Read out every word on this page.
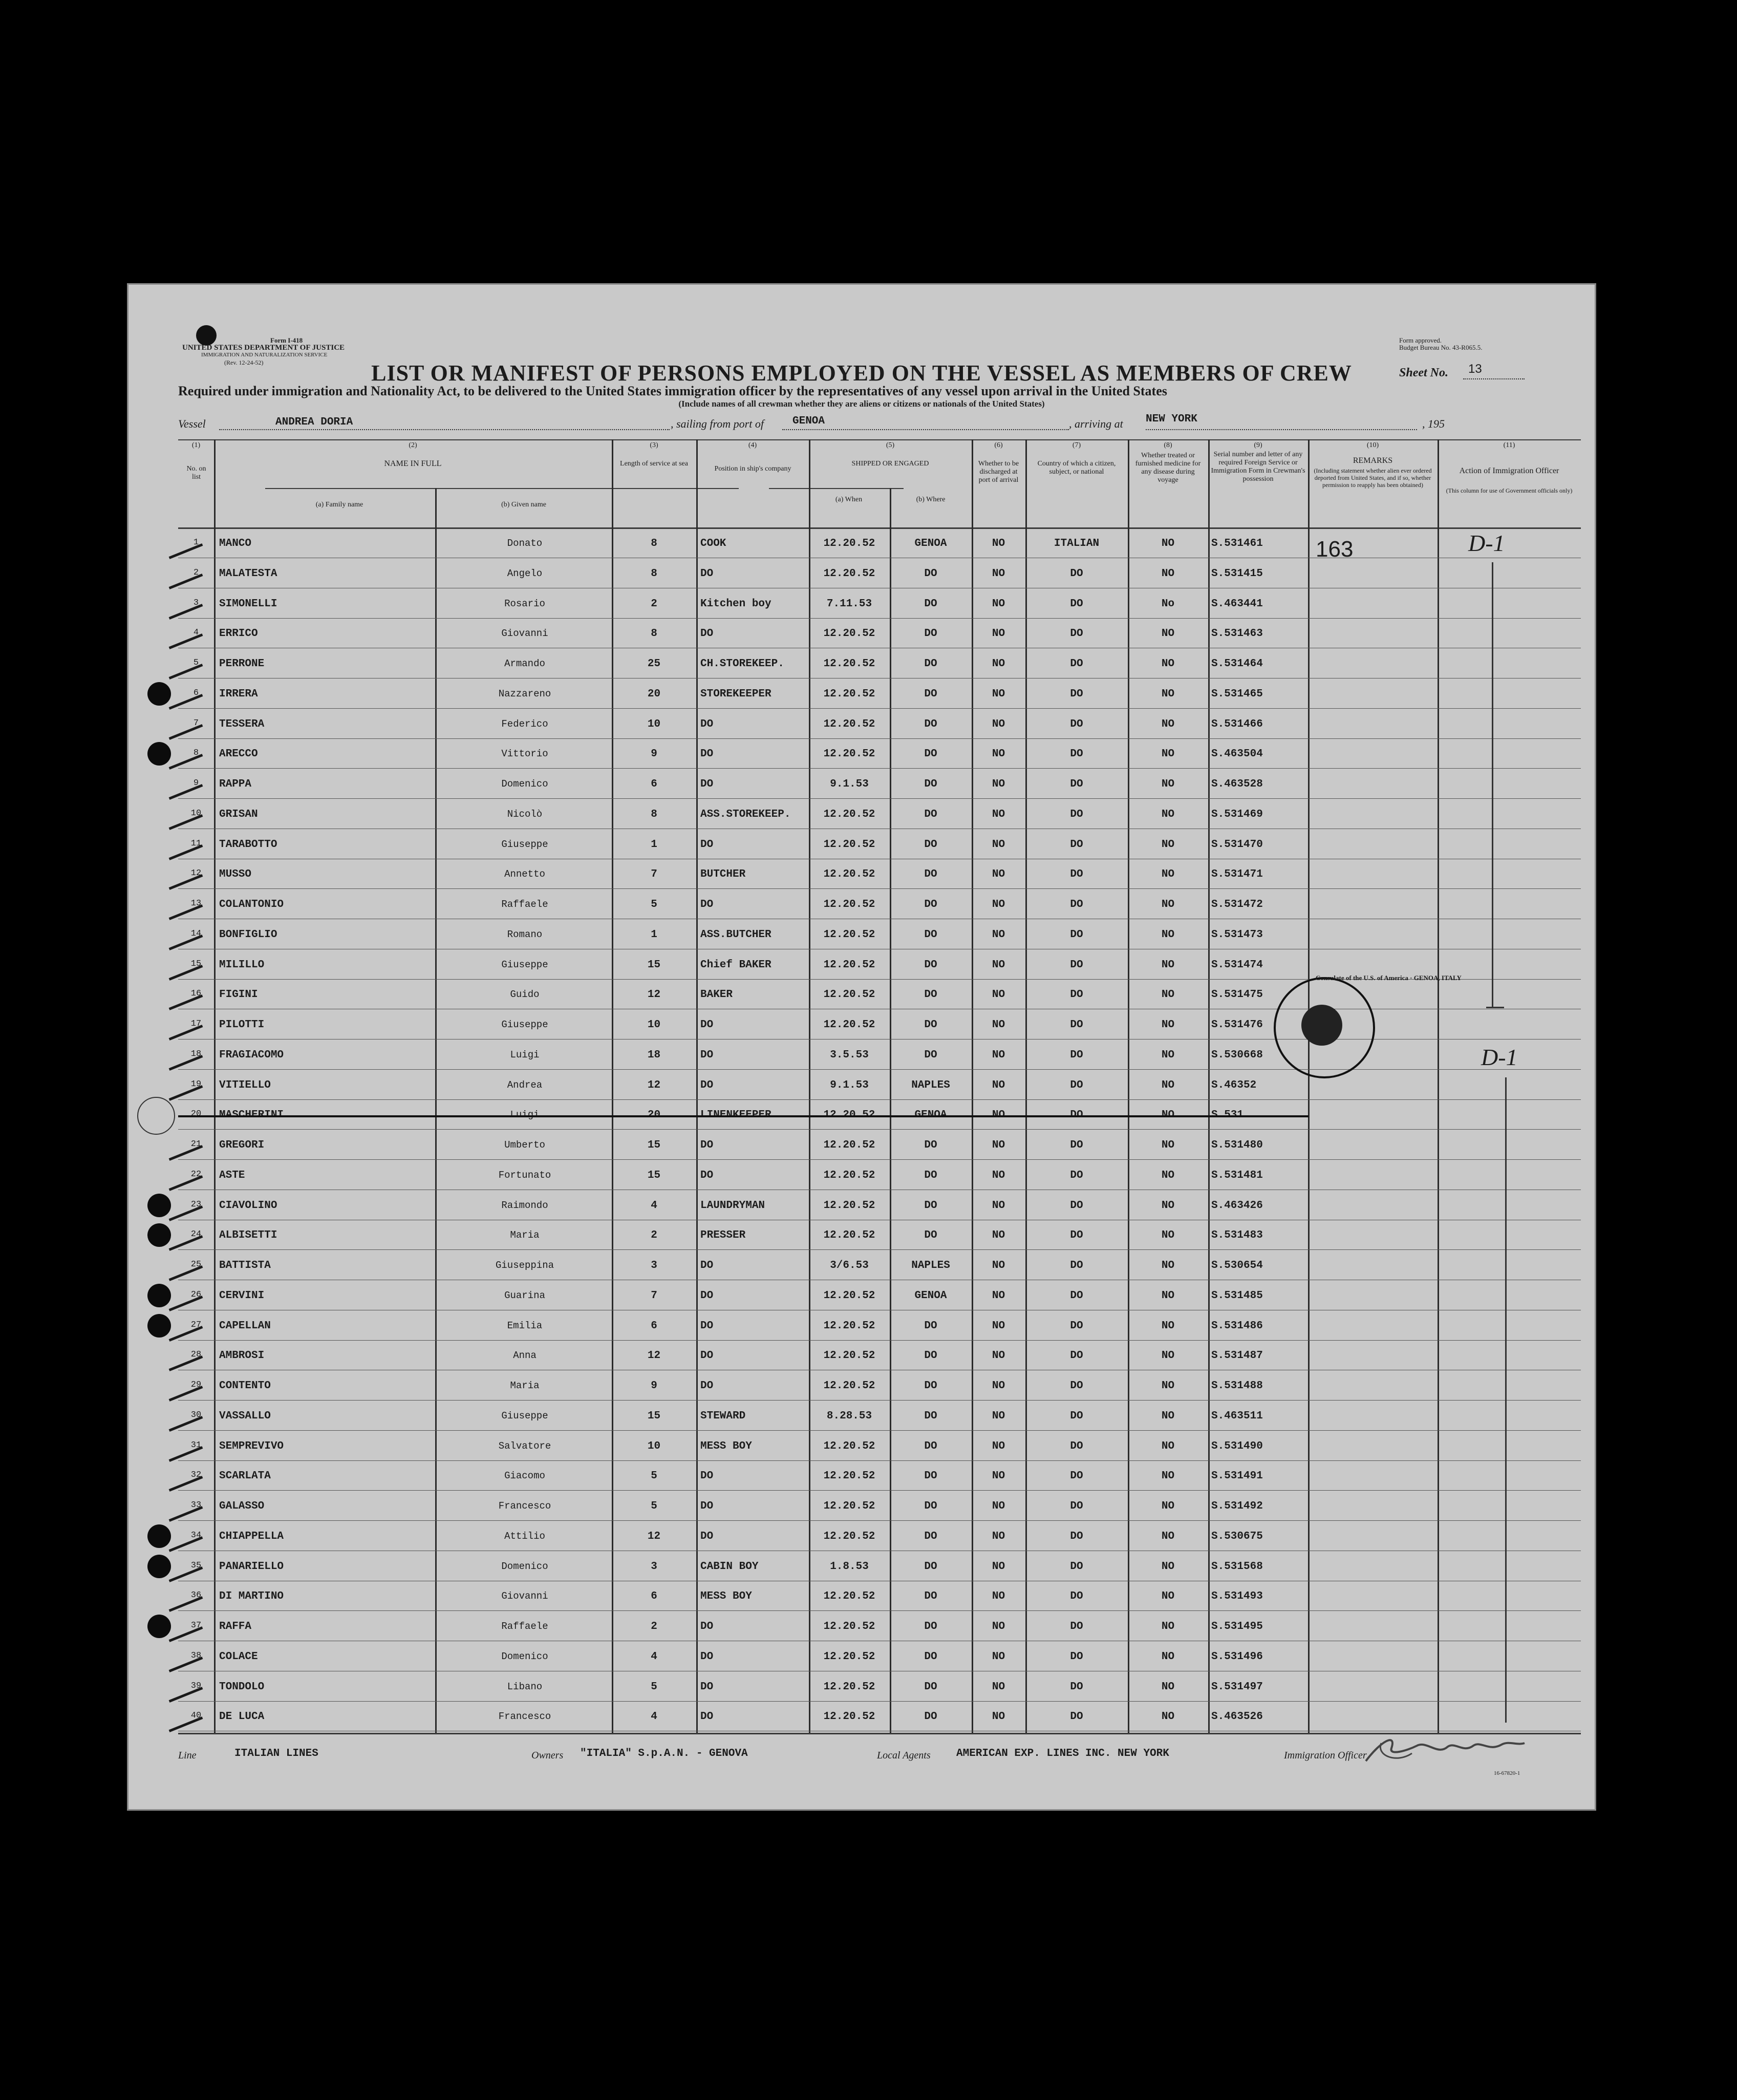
Form I-418
UNITED STATES DEPARTMENT OF JUSTICE
IMMIGRATION AND NATURALIZATION SERVICE
(Rev. 12-24-52)
Form approved.
Budget Bureau No. 43-R065.5.
LIST OR MANIFEST OF PERSONS EMPLOYED ON THE VESSEL AS MEMBERS OF CREW	Sheet No. 13
Required under immigration and Nationality Act, to be delivered to the United States immigration officer by the representatives of any vessel upon arrival in the United States
(Include names of all crewman whether they are aliens or citizens or nationals of the United States)
Vessel	ANDREA DORIA	, sailing from port of	GENOA	, arriving at NEW YORK	, 195
(1)
No. on list
(2)
NAME IN FULL
(a) Family name	(b) Given name
(3)
Length of service at sea
(4)
Position in ship's company
(5)
SHIPPED OR ENGAGED
(a) When	(b) Where
(6)
Whether to be discharged at port of arrival
(7)
Country of which a citizen, subject, or national
(8)
Whether treated or furnished medicine for any disease during voyage
(9)
Serial number and letter of any required Foreign Service or Immigration Form in Crewman's possession
(10)
REMARKS
(Including statement whether alien ever ordered deported from United States, and if so, whether permission to reapply has been obtained)
(11)
Action of Immigration Officer
(This column for use of Government officials only)
1	MANCO	Donato	8	COOK	12.20.52	GENOA	NO	ITALIAN	NO	S.531461
2	MALATESTA	Angelo	8	DO	12.20.52	DO	NO	DO	NO	S.531415
3	SIMONELLI	Rosario	2	Kitchen boy	7.11.53	DO	NO	DO	No	S.463441
4	ERRICO	Giovanni	8	DO	12.20.52	DO	NO	DO	NO	S.531463
5	PERRONE	Armando	25	CH.STOREKEEP.	12.20.52	DO	NO	DO	NO	S.531464
6	IRRERA	Nazzareno	20	STOREKEEPER	12.20.52	DO	NO	DO	NO	S.531465
7	TESSERA	Federico	10	DO	12.20.52	DO	NO	DO	NO	S.531466
8	ARECCO	Vittorio	9	DO	12.20.52	DO	NO	DO	NO	S.463504
9	RAPPA	Domenico	6	DO	9.1.53	DO	NO	DO	NO	S.463528
10	GRISAN	Nicolò	8	ASS.STOREKEEP.	12.20.52	DO	NO	DO	NO	S.531469
11	TARABOTTO	Giuseppe	1	DO	12.20.52	DO	NO	DO	NO	S.531470
12	MUSSO	Annetto	7	BUTCHER	12.20.52	DO	NO	DO	NO	S.531471
13	COLANTONIO	Raffaele	5	DO	12.20.52	DO	NO	DO	NO	S.531472
14	BONFIGLIO	Romano	1	ASS.BUTCHER	12.20.52	DO	NO	DO	NO	S.531473
15	MILILLO	Giuseppe	15	Chief BAKER	12.20.52	DO	NO	DO	NO	S.531474
16	FIGINI	Guido	12	BAKER	12.20.52	DO	NO	DO	NO	S.531475
17	PILOTTI	Giuseppe	10	DO	12.20.52	DO	NO	DO	NO	S.531476
18	FRAGIACOMO	Luigi	18	DO	3.5.53	DO	NO	DO	NO	S.530668
19	VITIELLO	Andrea	12	DO	9.1.53	NAPLES	NO	DO	NO	S.46352
20	MASCHERINI	Luigi	20	LINENKEEPER	12.20.52	GENOA	NO	DO	NO	S.531
21	GREGORI	Umberto	15	DO	12.20.52	DO	NO	DO	NO	S.531480
22	ASTE	Fortunato	15	DO	12.20.52	DO	NO	DO	NO	S.531481
23	CIAVOLINO	Raimondo	4	LAUNDRYMAN	12.20.52	DO	NO	DO	NO	S.463426
24	ALBISETTI	Maria	2	PRESSER	12.20.52	DO	NO	DO	NO	S.531483
25	BATTISTA	Giuseppina	3	DO	3/6.53	NAPLES	NO	DO	NO	S.530654
26	CERVINI	Guarina	7	DO	12.20.52	GENOA	NO	DO	NO	S.531485
27	CAPELLAN	Emilia	6	DO	12.20.52	DO	NO	DO	NO	S.531486
28	AMBROSI	Anna	12	DO	12.20.52	DO	NO	DO	NO	S.531487
29	CONTENTO	Maria	9	DO	12.20.52	DO	NO	DO	NO	S.531488
30	VASSALLO	Giuseppe	15	STEWARD	8.28.53	DO	NO	DO	NO	S.463511
31	SEMPREVIVO	Salvatore	10	MESS BOY	12.20.52	DO	NO	DO	NO	S.531490
32	SCARLATA	Giacomo	5	DO	12.20.52	DO	NO	DO	NO	S.531491
33	GALASSO	Francesco	5	DO	12.20.52	DO	NO	DO	NO	S.531492
34	CHIAPPELLA	Attilio	12	DO	12.20.52	DO	NO	DO	NO	S.530675
35	PANARIELLO	Domenico	3	CABIN BOY	1.8.53	DO	NO	DO	NO	S.531568
36	DI MARTINO	Giovanni	6	MESS BOY	12.20.52	DO	NO	DO	NO	S.531493
37	RAFFA	Raffaele	2	DO	12.20.52	DO	NO	DO	NO	S.531495
38	COLACE	Domenico	4	DO	12.20.52	DO	NO	DO	NO	S.531496
39	TONDOLO	Libano	5	DO	12.20.52	DO	NO	DO	NO	S.531497
40	DE LUCA	Francesco	4	DO	12.20.52	DO	NO	DO	NO	S.463526
163	D-1
D-1
Consulate of the U.S. of America · GENOA, ITALY
Line	ITALIAN LINES	Owners "ITALIA" S.p.A.N. - GENOVA	Local Agents AMERICAN EXP. LINES INC. NEW YORK	Immigration Officer
16-67820-1
